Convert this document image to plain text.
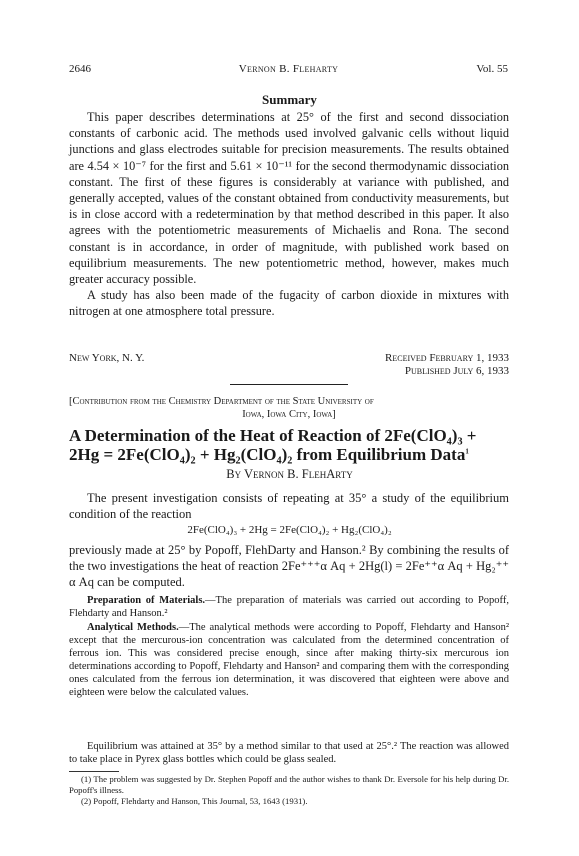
2646	Vernon B. Fleharty	Vol. 55
Summary

This paper describes determinations at 25° of the first and second dissociation constants of carbonic acid. The methods used involved galvanic cells without liquid junctions and glass electrodes suitable for precision measurements. The results obtained are 4.54 × 10⁻⁷ for the first and 5.61 × 10⁻¹¹ for the second thermodynamic dissociation constant. The first of these figures is considerably at variance with published, and generally accepted, values of the constant obtained from conductivity measurements, but is in close accord with a redetermination by that method described in this paper. It also agrees with the potentiometric measurements of Michaelis and Rona. The second constant is in accordance, in order of magnitude, with published work based on equilibrium measurements. The new potentiometric method, however, makes much greater accuracy possible.

A study has also been made of the fugacity of carbon dioxide in mixtures with nitrogen at one atmosphere total pressure.

New York, N. Y.	Received February 1, 1933
Published July 6, 1933
[Contribution from the Chemistry Department of the State University of
Iowa, Iowa City, Iowa]
A Determination of the Heat of Reaction of 2Fe(ClO₄)₃ + 2Hg = 2Fe(ClO₄)₂ + Hg₂(ClO₄)₂ from Equilibrium Data$^1$
By Vernon B. FlehArty

The present investigation consists of repeating at 35° a study of the equilibrium condition of the reaction

2Fe(ClO₄)₃ + 2Hg = 2Fe(ClO₄)₂ + Hg₂(ClO₄)₂

previously made at 25° by Popoff, FlehDarty and Hanson.² By combining the results of the two investigations the heat of reaction 2Fe⁺⁺⁺α Aq + 2Hg(l) = 2Fe⁺⁺α Aq + Hg₂⁺⁺ α Aq can be computed.

Preparation of Materials.—The preparation of materials was carried out according to Popoff, Flehdarty and Hanson.²

Analytical Methods.—The analytical methods were according to Popoff, Flehdarty and Hanson² except that the mercurous-ion concentration was calculated from the determined concentration of ferrous ion. This was considered precise enough, since after making thirty-six mercurous ion determinations according to Popoff, Flehdarty and Hanson² and comparing them with the corresponding ones calculated from the ferrous ion determination, it was discovered that eighteen were above and eighteen were below the calculated values.

Equilibrium was attained at 35° by a method similar to that used at 25°.² The reaction was allowed to take place in Pyrex glass bottles which could be glass sealed.

(1) The problem was suggested by Dr. Stephen Popoff and the author wishes to thank Dr. Eversole for his help during Dr. Popoff's illness.

(2) Popoff, Flehdarty and Hanson, This Journal, 53, 1643 (1931).
